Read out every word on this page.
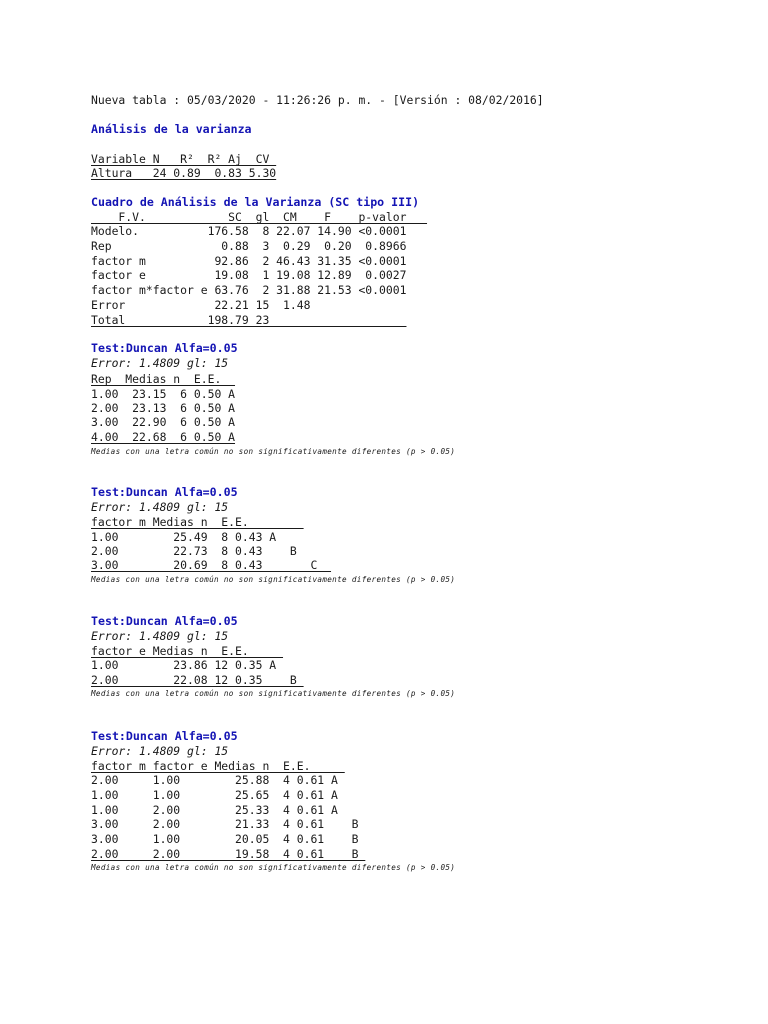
Nueva tabla : 05/03/2020 - 11:26:26 p. m. - [Versión : 08/02/2016]
Análisis de la varianza
Variable N   R²  R² Aj  CV
Altura   24 0.89  0.83 5.30
Cuadro de Análisis de la Varianza (SC tipo III)
F.V.            SC  gl  CM    F    p-valor
Modelo.          176.58  8 22.07 14.90 <0.0001
Rep                0.88  3  0.29  0.20  0.8966
factor m          92.86  2 46.43 31.35 <0.0001
factor e          19.08  1 19.08 12.89  0.0027
factor m*factor e 63.76  2 31.88 21.53 <0.0001
Error             22.21 15  1.48
Total            198.79 23
Test:Duncan Alfa=0.05
Error: 1.4809 gl: 15
Rep  Medias n  E.E.
1.00  23.15  6 0.50 A
2.00  23.13  6 0.50 A
3.00  22.90  6 0.50 A
4.00  22.68  6 0.50 A
Medias con una letra común no son significativamente diferentes (p > 0.05)
Test:Duncan Alfa=0.05
Error: 1.4809 gl: 15
factor m Medias n  E.E.
1.00        25.49  8 0.43 A
2.00        22.73  8 0.43    B
3.00        20.69  8 0.43       C
Medias con una letra común no son significativamente diferentes (p > 0.05)
Test:Duncan Alfa=0.05
Error: 1.4809 gl: 15
factor e Medias n  E.E.
1.00        23.86 12 0.35 A
2.00        22.08 12 0.35    B
Medias con una letra común no son significativamente diferentes (p > 0.05)
Test:Duncan Alfa=0.05
Error: 1.4809 gl: 15
factor m factor e Medias n  E.E.
2.00     1.00        25.88  4 0.61 A
1.00     1.00        25.65  4 0.61 A
1.00     2.00        25.33  4 0.61 A
3.00     2.00        21.33  4 0.61    B
3.00     1.00        20.05  4 0.61    B
2.00     2.00        19.58  4 0.61    B
Medias con una letra común no son significativamente diferentes (p > 0.05)
